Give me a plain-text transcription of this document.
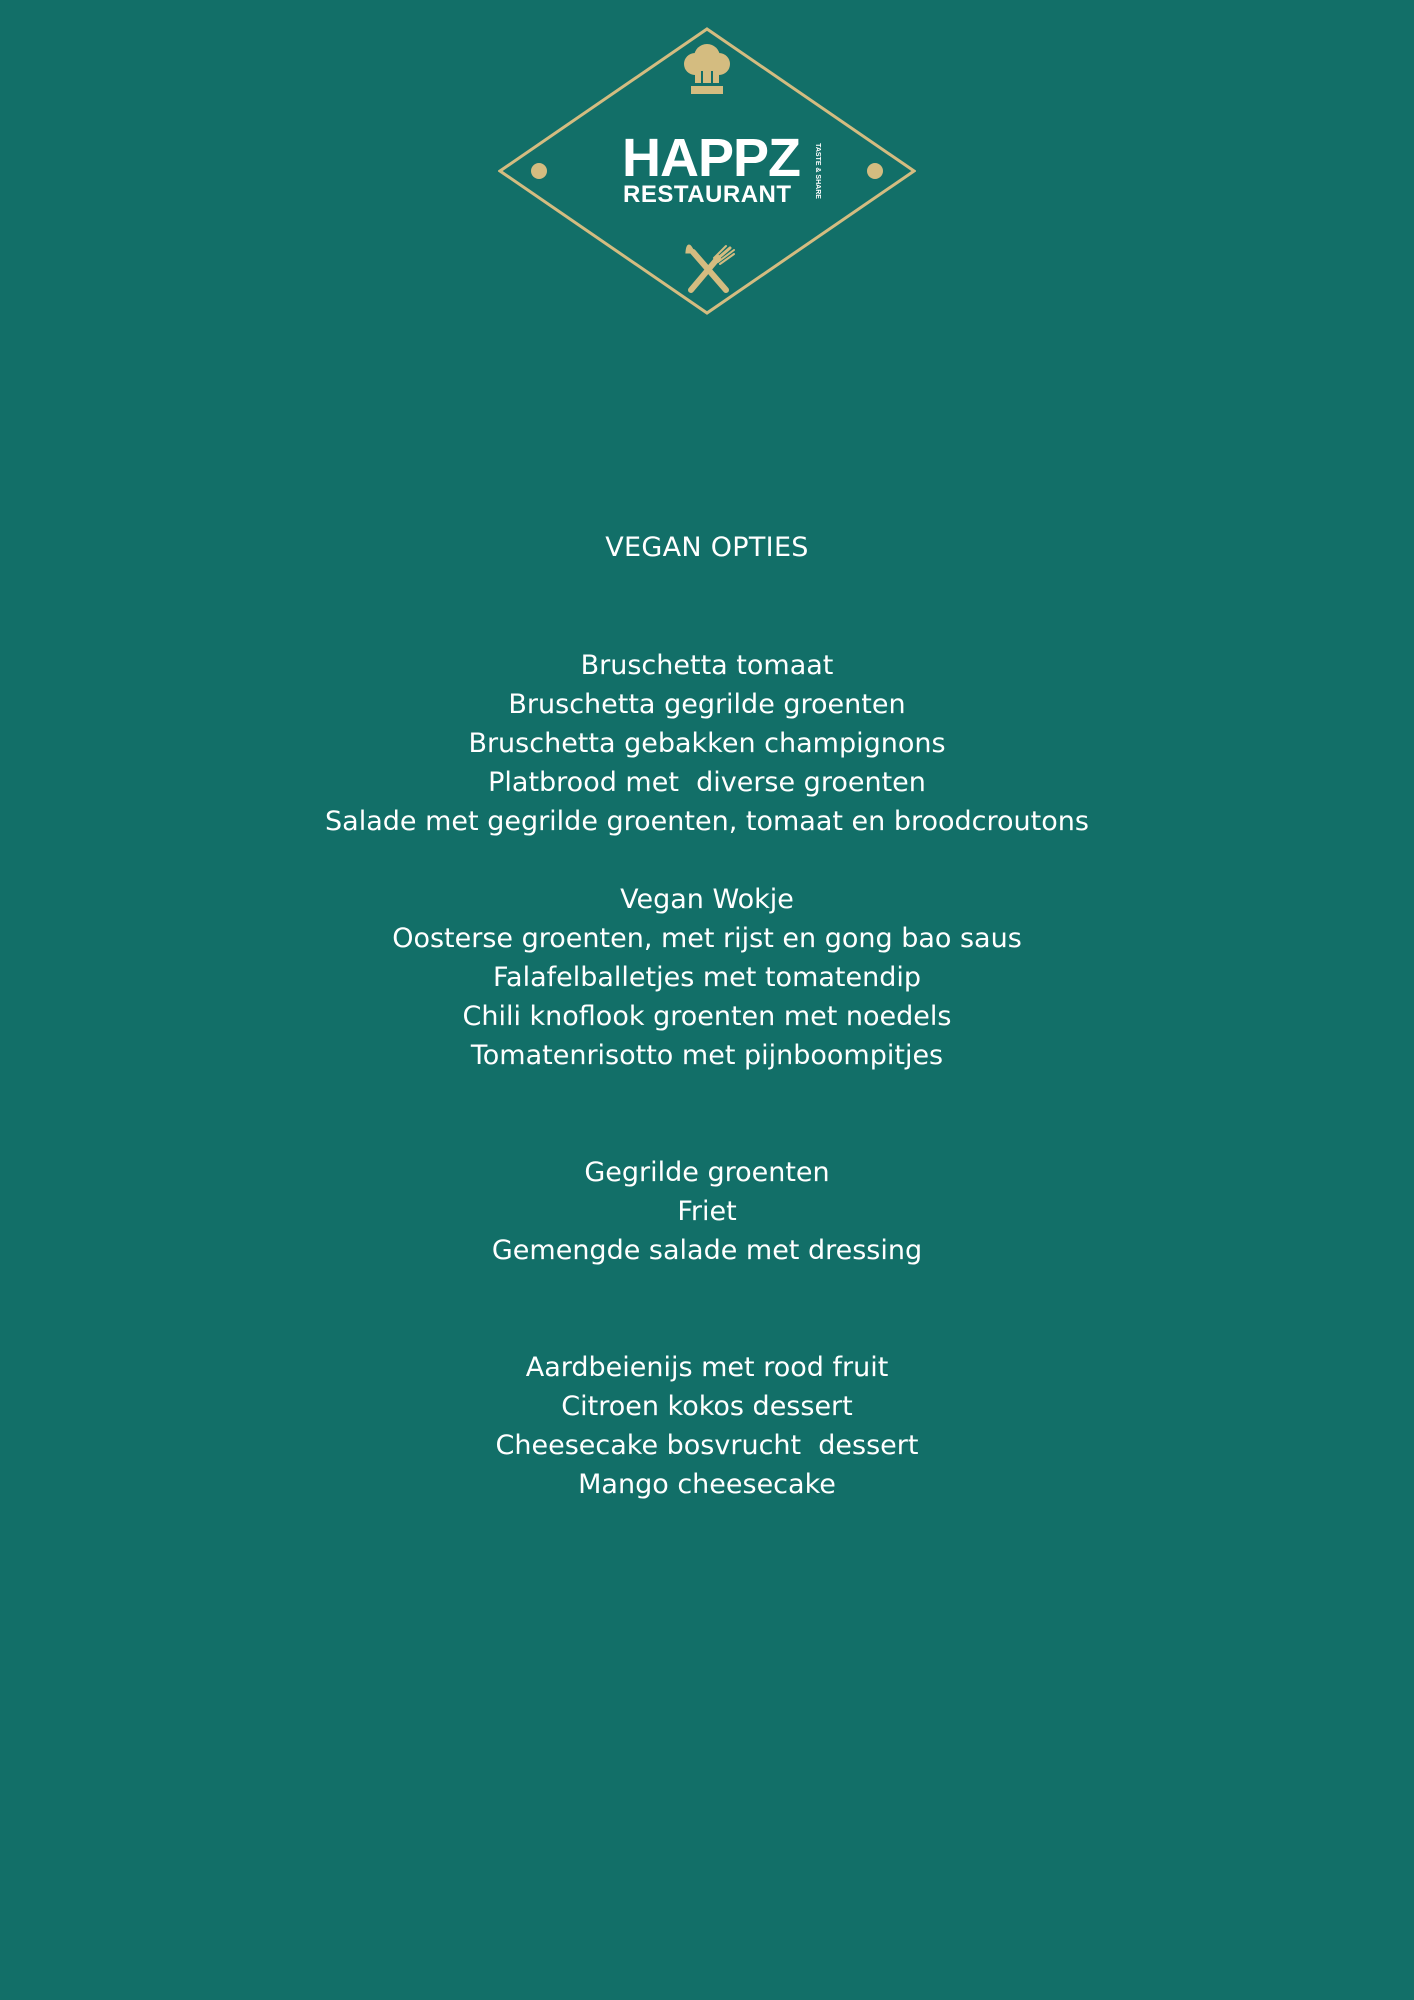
HAPPZ
RESTAURANT	TASTE & SHARE
VEGAN OPTIES
Bruschetta tomaat
Bruschetta gegrilde groenten
Bruschetta gebakken champignons
Platbrood met  diverse groenten
Salade met gegrilde groenten, tomaat en broodcroutons
Vegan Wokje
Oosterse groenten, met rijst en gong bao saus
Falafelballetjes met tomatendip
Chili knoflook groenten met noedels
Tomatenrisotto met pijnboompitjes
Gegrilde groenten
Friet
Gemengde salade met dressing
Aardbeienijs met rood fruit
Citroen kokos dessert
Cheesecake bosvrucht  dessert
Mango cheesecake
